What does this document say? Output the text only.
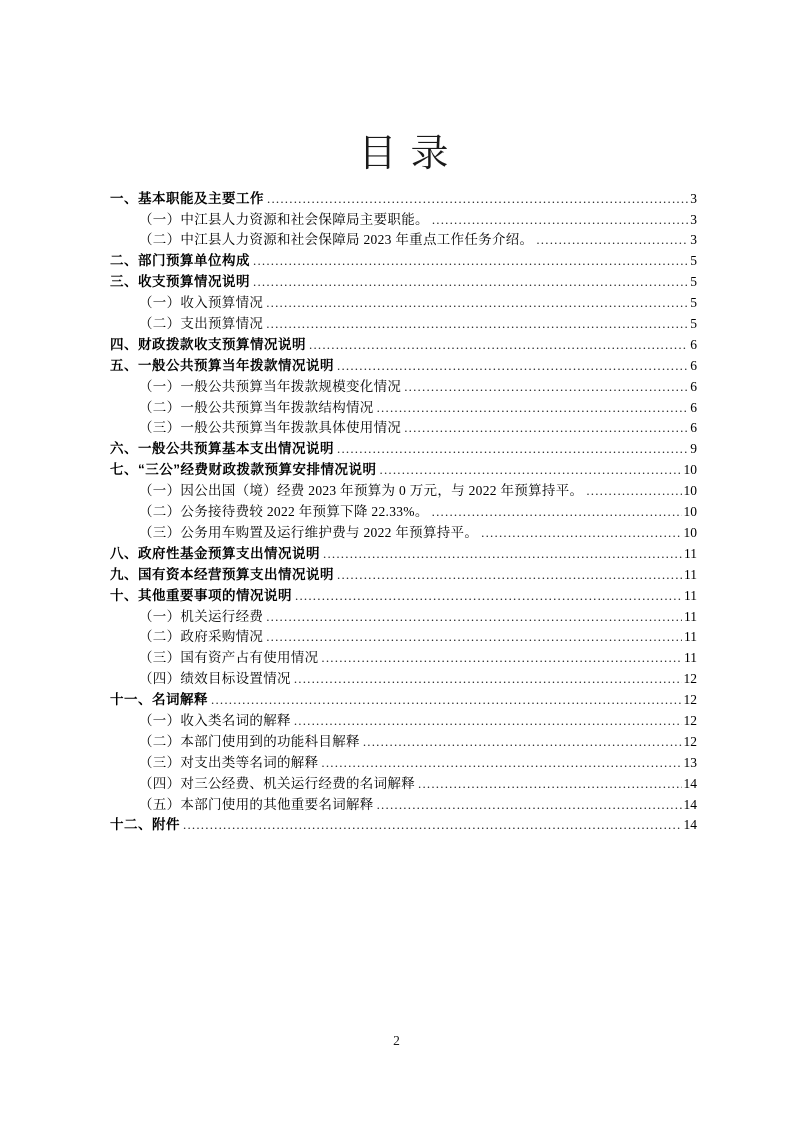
目录
一、基本职能及主要工作 .....	3
（一）中江县人力资源和社会保障局主要职能。 .....	3
（二）中江县人力资源和社会保障局 2023 年重点工作任务介绍。 .....	3
二、部门预算单位构成 .....	5
三、收支预算情况说明 .....	5
（一）收入预算情况 .....	5
（二）支出预算情况 .....	5
四、财政拨款收支预算情况说明 .....	6
五、一般公共预算当年拨款情况说明 .....	6
（一）一般公共预算当年拨款规模变化情况 .....	6
（二）一般公共预算当年拨款结构情况 .....	6
（三）一般公共预算当年拨款具体使用情况 .....	6
六、一般公共预算基本支出情况说明 .....	9
七、“三公”经费财政拨款预算安排情况说明 .....	10
（一）因公出国（境）经费 2023 年预算为 0 万元，与 2022 年预算持平。 .....	10
（二）公务接待费较 2022 年预算下降 22.33%。 .....	10
（三）公务用车购置及运行维护费与 2022 年预算持平。 .....	10
八、政府性基金预算支出情况说明 .....	11
九、国有资本经营预算支出情况说明 .....	11
十、其他重要事项的情况说明 .....	11
（一）机关运行经费 .....	11
（二）政府采购情况 .....	11
（三）国有资产占有使用情况 .....	11
（四）绩效目标设置情况 .....	12
十一、名词解释 .....	12
（一）收入类名词的解释 .....	12
（二）本部门使用到的功能科目解释 .....	12
（三）对支出类等名词的解释 .....	13
（四）对三公经费、机关运行经费的名词解释 .....	14
（五）本部门使用的其他重要名词解释 .....	14
十二、附件 .....	14
2
